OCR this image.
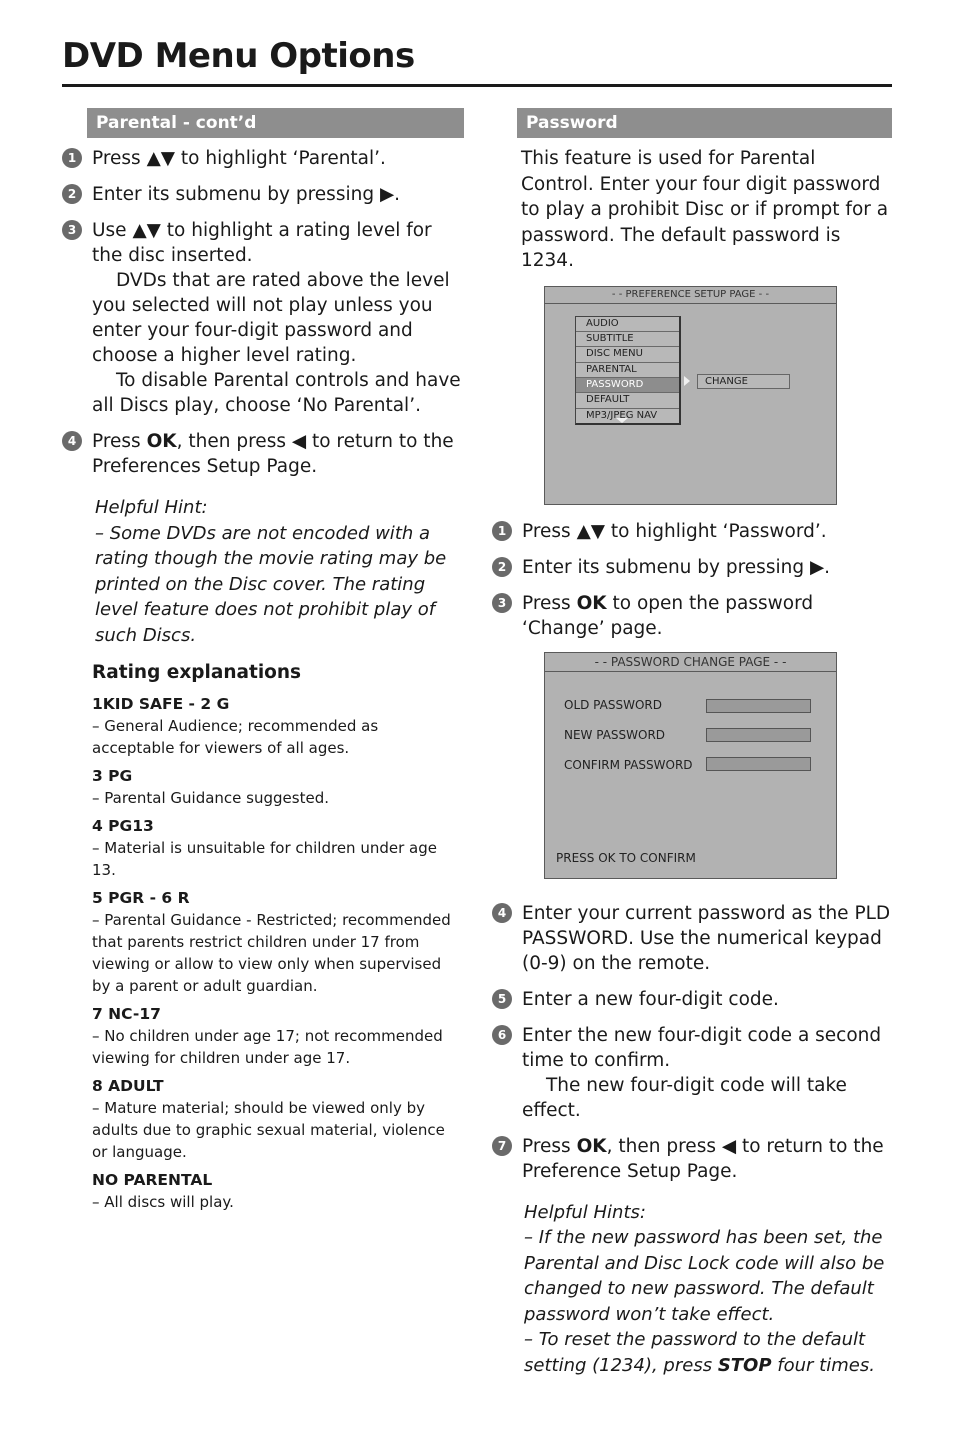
DVD Menu Options
Parental - cont’d
1 Press ▲▼ to highlight ‘Parental’.
2 Enter its submenu by pressing ▶.
3 Use ▲▼ to highlight a rating level for the disc inserted.
DVDs that are rated above the level you selected will not play unless you enter your four-digit password and choose a higher level rating.
To disable Parental controls and have all Discs play, choose ‘No Parental’.
4 Press OK, then press ◀ to return to the Preferences Setup Page.

Helpful Hint:

– Some DVDs are not encoded with a rating though the movie rating may be printed on the Disc cover. The rating level feature does not prohibit play of such Discs.

Rating explanations
1KID SAFE - 2 G
– General Audience; recommended as acceptable for viewers of all ages.
3 PG
– Parental Guidance suggested.
4 PG13
– Material is unsuitable for children under age 13.
5 PGR - 6 R
– Parental Guidance - Restricted; recommended that parents restrict children under 17 from viewing or allow to view only when supervised by a parent or adult guardian.
7 NC-17
– No children under age 17; not recommended viewing for children under age 17.
8 ADULT
– Mature material; should be viewed only by adults due to graphic sexual material, violence or language.
NO PARENTAL
– All discs will play.
Password
This feature is used for Parental Control. Enter your four digit password to play a prohibit Disc or if prompt for a password. The default password is 1234.
- - PREFERENCE SETUP PAGE - -
AUDIO
SUBTITLE
DISC MENU
PARENTAL
PASSWORD
DEFAULT
MP3/JPEG NAV
CHANGE
1 Press ▲▼ to highlight ‘Password’.
2 Enter its submenu by pressing ▶.
3 Press OK to open the password ‘Change’ page.
- - PASSWORD CHANGE PAGE - -
OLD PASSWORD
NEW PASSWORD
CONFIRM PASSWORD
PRESS OK TO CONFIRM
4 Enter your current password as the PLD PASSWORD. Use the numerical keypad (0-9) on the remote.
5 Enter a new four-digit code.
6 Enter the new four-digit code a second time to confirm.
The new four-digit code will take effect.
7 Press OK, then press ◀ to return to the Preference Setup Page.

Helpful Hints:

– If the new password has been set, the Parental and Disc Lock code will also be changed to new password. The default password won’t take effect.

– To reset the password to the default setting (1234), press STOP four times.
